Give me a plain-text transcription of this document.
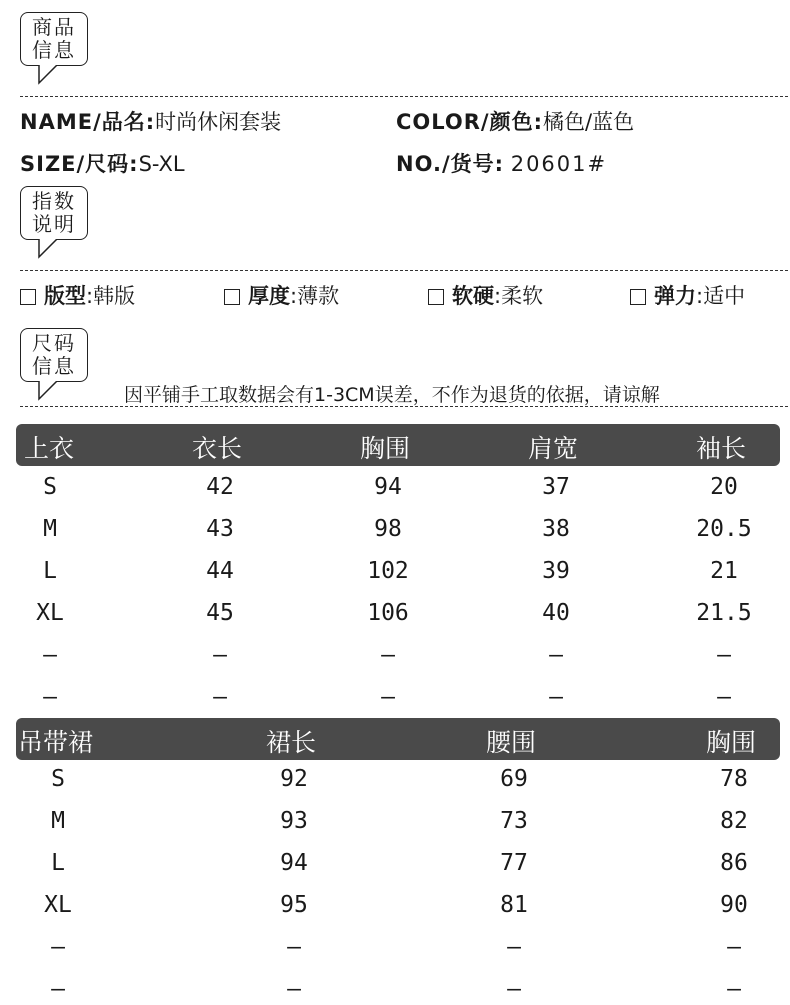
商品
信息
NAME/品名:时尚休闲套装	COLOR/颜色:橘色/蓝色
SIZE/尺码:S-XL	NO./货号: 20601#
指数
说明
版型:韩版	厚度:薄款	软硬:柔软	弹力:适中
尺码
信息
因平铺手工取数据会有1-3CM误差，不作为退货的依据，请谅解
上衣	衣长	胸围	肩宽	袖长
S	42	94	37	20
M	43	98	38	20.5
L	44	102	39	21
XL	45	106	40	21.5
–	–	–	–	–
–	–	–	–	–
吊带裙	裙长	腰围	胸围
S	92	69	78
M	93	73	82
L	94	77	86
XL	95	81	90
–	–	–	–
–	–	–	–
